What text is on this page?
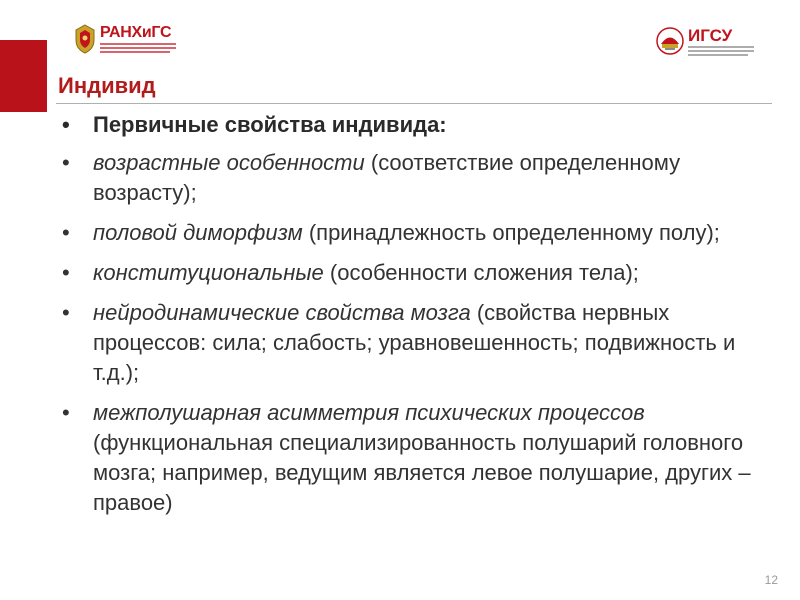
РАНХиГС	ИГСУ
Индивид
•	Первичные свойства индивида:
•	возрастные особенности (соответствие определенному возрасту);
•	половой диморфизм (принадлежность определенному полу);
•	конституциональные (особенности сложения тела);
•	нейродинамические свойства мозга (свойства нервных процессов: сила; слабость; уравновешенность; подвижность и т.д.);
•	межполушарная асимметрия психических процессов (функциональная специализированность полушарий головного мозга; например, ведущим является левое полушарие, других – правое)
12
